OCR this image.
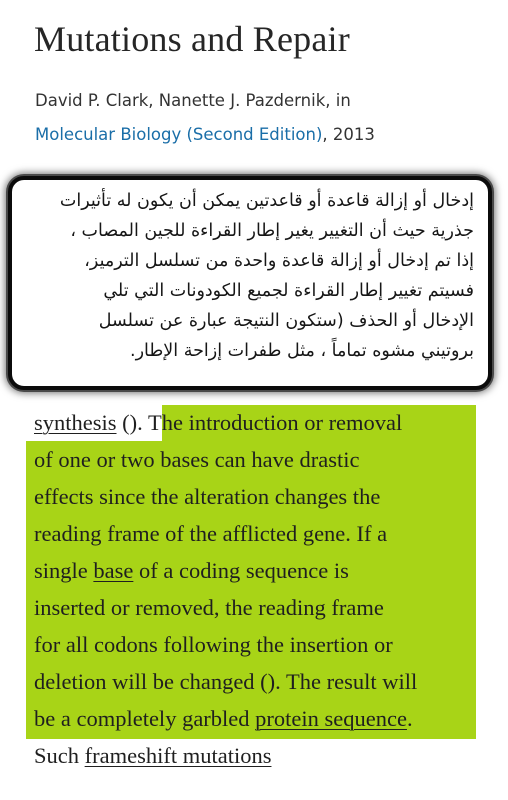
Mutations and Repair
David P. Clark, Nanette J. Pazdernik, in
Molecular Biology (Second Edition), 2013
إدخال أو إزالة قاعدة أو قاعدتين يمكن أن يكون له تأثيرات
جذرية حيث أن التغيير يغير إطار القراءة للجين المصاب ،
إذا تم إدخال أو إزالة قاعدة واحدة من تسلسل الترميز،
فسيتم تغيير إطار القراءة لجميع الكودونات التي تلي
الإدخال أو الحذف (ستكون النتيجة عبارة عن تسلسل
بروتيني مشوه تماماً ، مثل طفرات إزاحة الإطار.
synthesis (). The introduction or removal
of one or two bases can have drastic
effects since the alteration changes the
reading frame of the afflicted gene. If a
single base of a coding sequence is
inserted or removed, the reading frame
for all codons following the insertion or
deletion will be changed (). The result will
be a completely garbled protein sequence.
Such frameshift mutations
